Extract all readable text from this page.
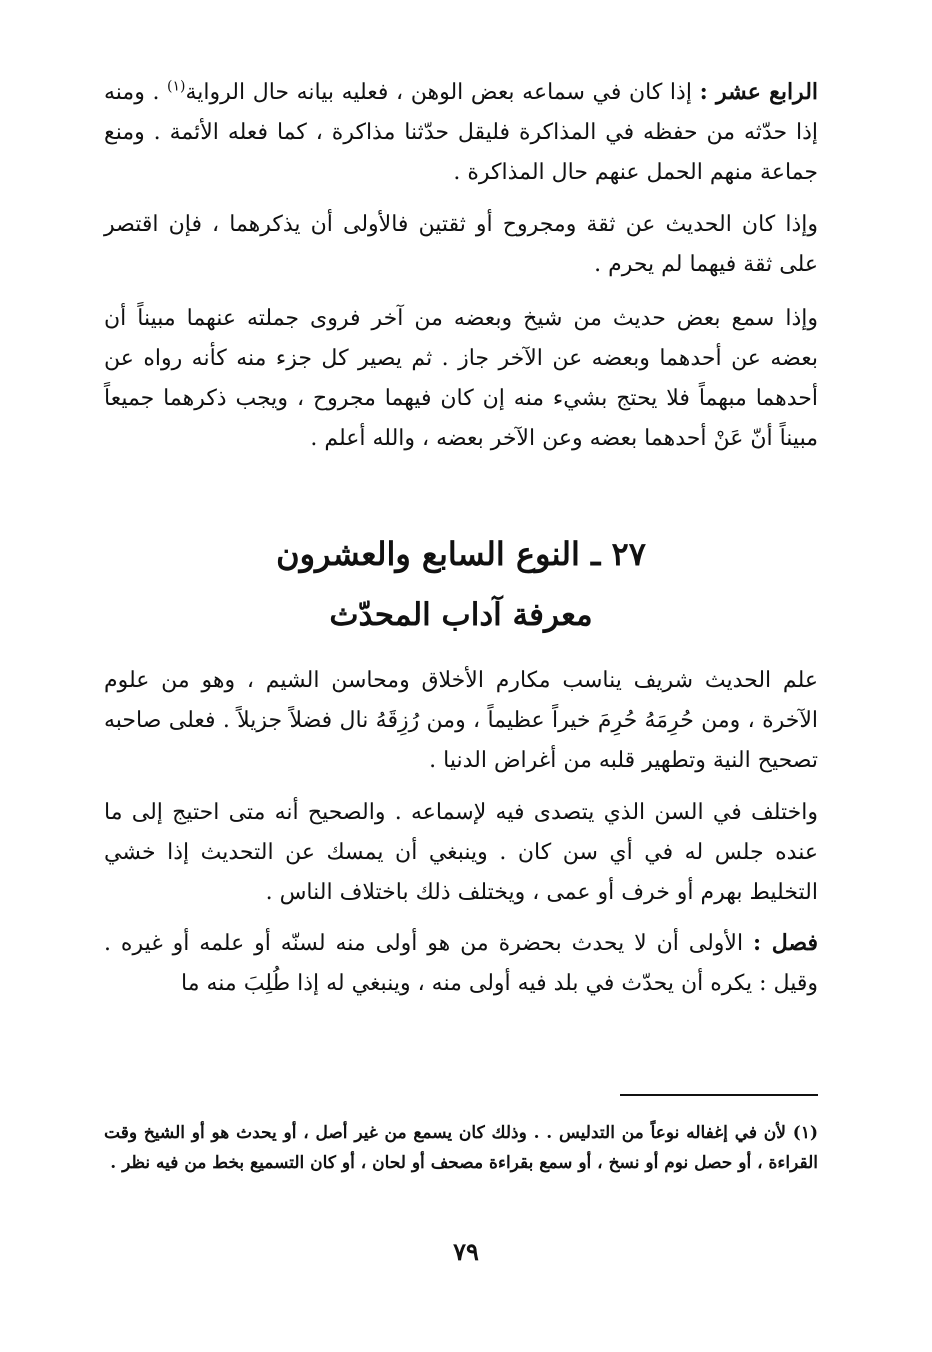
الرابع عشر : إذا كان في سماعه بعض الوهن ، فعليه بيانه حال الرواية$^{(١)}$ . ومنه إذا حدّثه من حفظه في المذاكرة فليقل حدّثنا مذاكرة ، كما فعله الأئمة . ومنع جماعة منهم الحمل عنهم حال المذاكرة .

وإذا كان الحديث عن ثقة ومجروح أو ثقتين فالأولى أن يذكرهما ، فإن اقتصر على ثقة فيهما لم يحرم .

وإذا سمع بعض حديث من شيخ وبعضه من آخر فروى جملته عنهما مبيناً أن بعضه عن أحدهما وبعضه عن الآخر جاز . ثم يصير كل جزء منه كأنه رواه عن أحدهما مبهماً فلا يحتج بشيء منه إن كان فيهما مجروح ، ويجب ذكرهما جميعاً مبيناً أنّ عَنْ أحدهما بعضه وعن الآخر بعضه ، والله أعلم .

٢٧ ـ النوع السابع والعشرون
معرفة آداب المحدّث

علم الحديث شريف يناسب مكارم الأخلاق ومحاسن الشيم ، وهو من علوم الآخرة ، ومن حُرِمَهُ حُرِمَ خيراً عظيماً ، ومن رُزِقَهُ نال فضلاً جزيلاً . فعلى صاحبه تصحيح النية وتطهير قلبه من أغراض الدنيا .

واختلف في السن الذي يتصدى فيه لإسماعه . والصحيح أنه متى احتيج إلى ما عنده جلس له في أي سن كان . وينبغي أن يمسك عن التحديث إذا خشي التخليط بهرم أو خرف أو عمى ، ويختلف ذلك باختلاف الناس .

فصل : الأولى أن لا يحدث بحضرة من هو أولى منه لسنّه أو علمه أو غيره . وقيل : يكره أن يحدّث في بلد فيه أولى منه ، وينبغي له إذا طُلِبَ منه ما

(١) لأن في إغفاله نوعاً من التدليس . . وذلك كان يسمع من غير أصل ، أو يحدث هو أو الشيخ وقت القراءة ، أو حصل نوم أو نسخ ، أو سمع بقراءة مصحف أو لحان ، أو كان التسميع بخط من فيه نظر .

٧٩
